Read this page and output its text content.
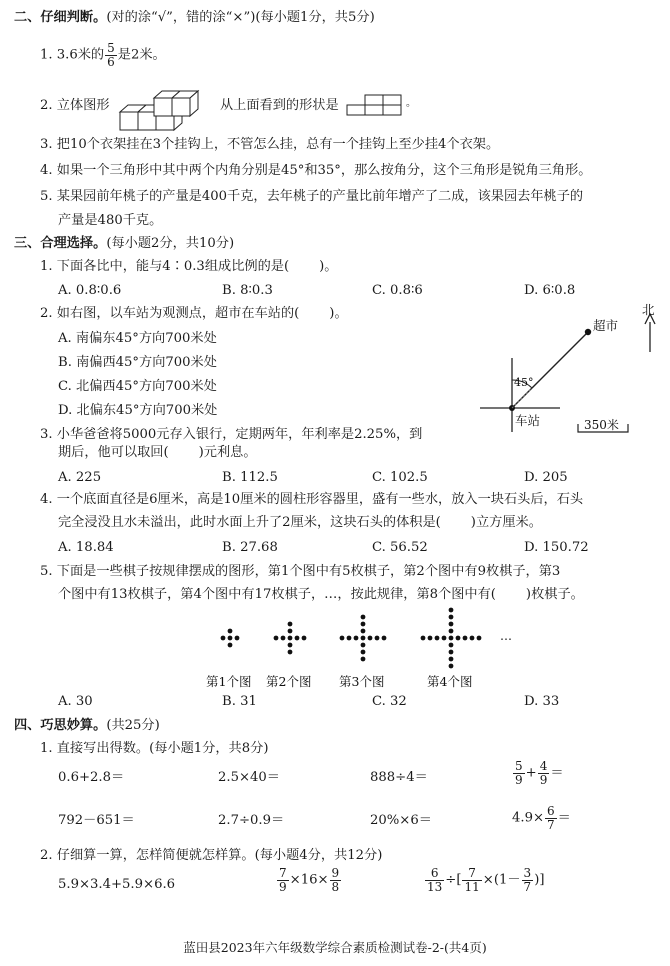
二、仔细判断。(对的涂“√”，错的涂“×”)(每小题1分，共5分)
1. 3.6米的 $\frac{5}{6}$ 是2米。
2. 立体图形	从上面看到的形状是	。
3. 把10个衣架挂在3个挂钩上，不管怎么挂，总有一个挂钩上至少挂4个衣架。
4. 如果一个三角形中其中两个内角分别是45°和35°，那么按角分，这个三角形是锐角三角形。
5. 某果园前年桃子的产量是400千克，去年桃子的产量比前年增产了二成，该果园去年桃子的
产量是480千克。
三、合理选择。(每小题2分，共10分)
1. 下面各比中，能与4∶0.3组成比例的是( )。
A. 0.8∶0.6	B. 8∶0.3	C. 0.8∶6	D. 6∶0.8
2. 如右图，以车站为观测点，超市在车站的( )。
A. 南偏东45°方向700米处
B. 南偏西45°方向700米处
C. 北偏西45°方向700米处
D. 北偏东45°方向700米处
45°
超市
车站
北
350米
3. 小华爸爸将5000元存入银行，定期两年，年利率是2.25%，到
期后，他可以取回( )元利息。
A. 225	B. 112.5	C. 102.5	D. 205
4. 一个底面直径是6厘米，高是10厘米的圆柱形容器里，盛有一些水，放入一块石头后，石头
完全浸没且水未溢出，此时水面上升了2厘米，这块石头的体积是( )立方厘米。
A. 18.84	B. 27.68	C. 56.52	D. 150.72
5. 下面是一些棋子按规律摆成的图形，第1个图中有5枚棋子，第2个图中有9枚棋子，第3
个图中有13枚棋子，第4个图中有17枚棋子，…，按此规律，第8个图中有( )枚棋子。
…
第1个图 第2个图 第3个图	第4个图
A. 30	B. 31	C. 32	D. 33
四、巧思妙算。(共25分)
1. 直接写出得数。(每小题1分，共8分)
0.6+2.8＝	2.5×40＝	888÷4＝	$\frac{5}{9} + \frac{4}{9}$ ＝
792－651＝	2.7÷0.9＝	20%×6＝	$4.9\times \frac{6}{7}$ ＝
2. 仔细算一算，怎样简便就怎样算。(每小题4分，共12分)
5.9×3.4+5.9×6.6	$\frac{7}{9} \times 16\times \frac{9}{8}$	$\frac{6}{13}$ ÷[ $\frac{7}{11} \times(1- \frac{3}{7}$ )]
蓝田县2023年六年级数学综合素质检测试卷-2-(共4页)
